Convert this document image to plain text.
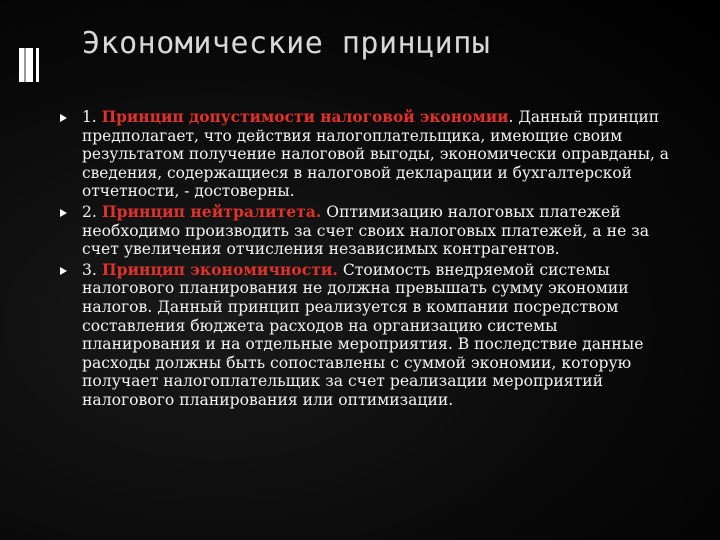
Экономические принципы

1. Принцип допустимости налоговой экономии. Данный принцип предполагает, что действия налогоплательщика, имеющие своим результатом получение налоговой выгоды, экономически оправданы, а сведения, содержащиеся в налоговой декларации и бухгалтерской отчетности, - достоверны.

2. Принцип нейтралитета. Оптимизацию налоговых платежей необходимо производить за счет своих налоговых платежей, а не за счет увеличения отчисления независимых контрагентов.

3. Принцип экономичности. Стоимость внедряемой системы налогового планирования не должна превышать сумму экономии налогов. Данный принцип реализуется в компании посредством составления бюджета расходов на организацию системы планирования и на отдельные мероприятия. В последствие данные расходы должны быть сопоставлены с суммой экономии, которую получает налогоплательщик за счет реализации мероприятий налогового планирования или оптимизации.
